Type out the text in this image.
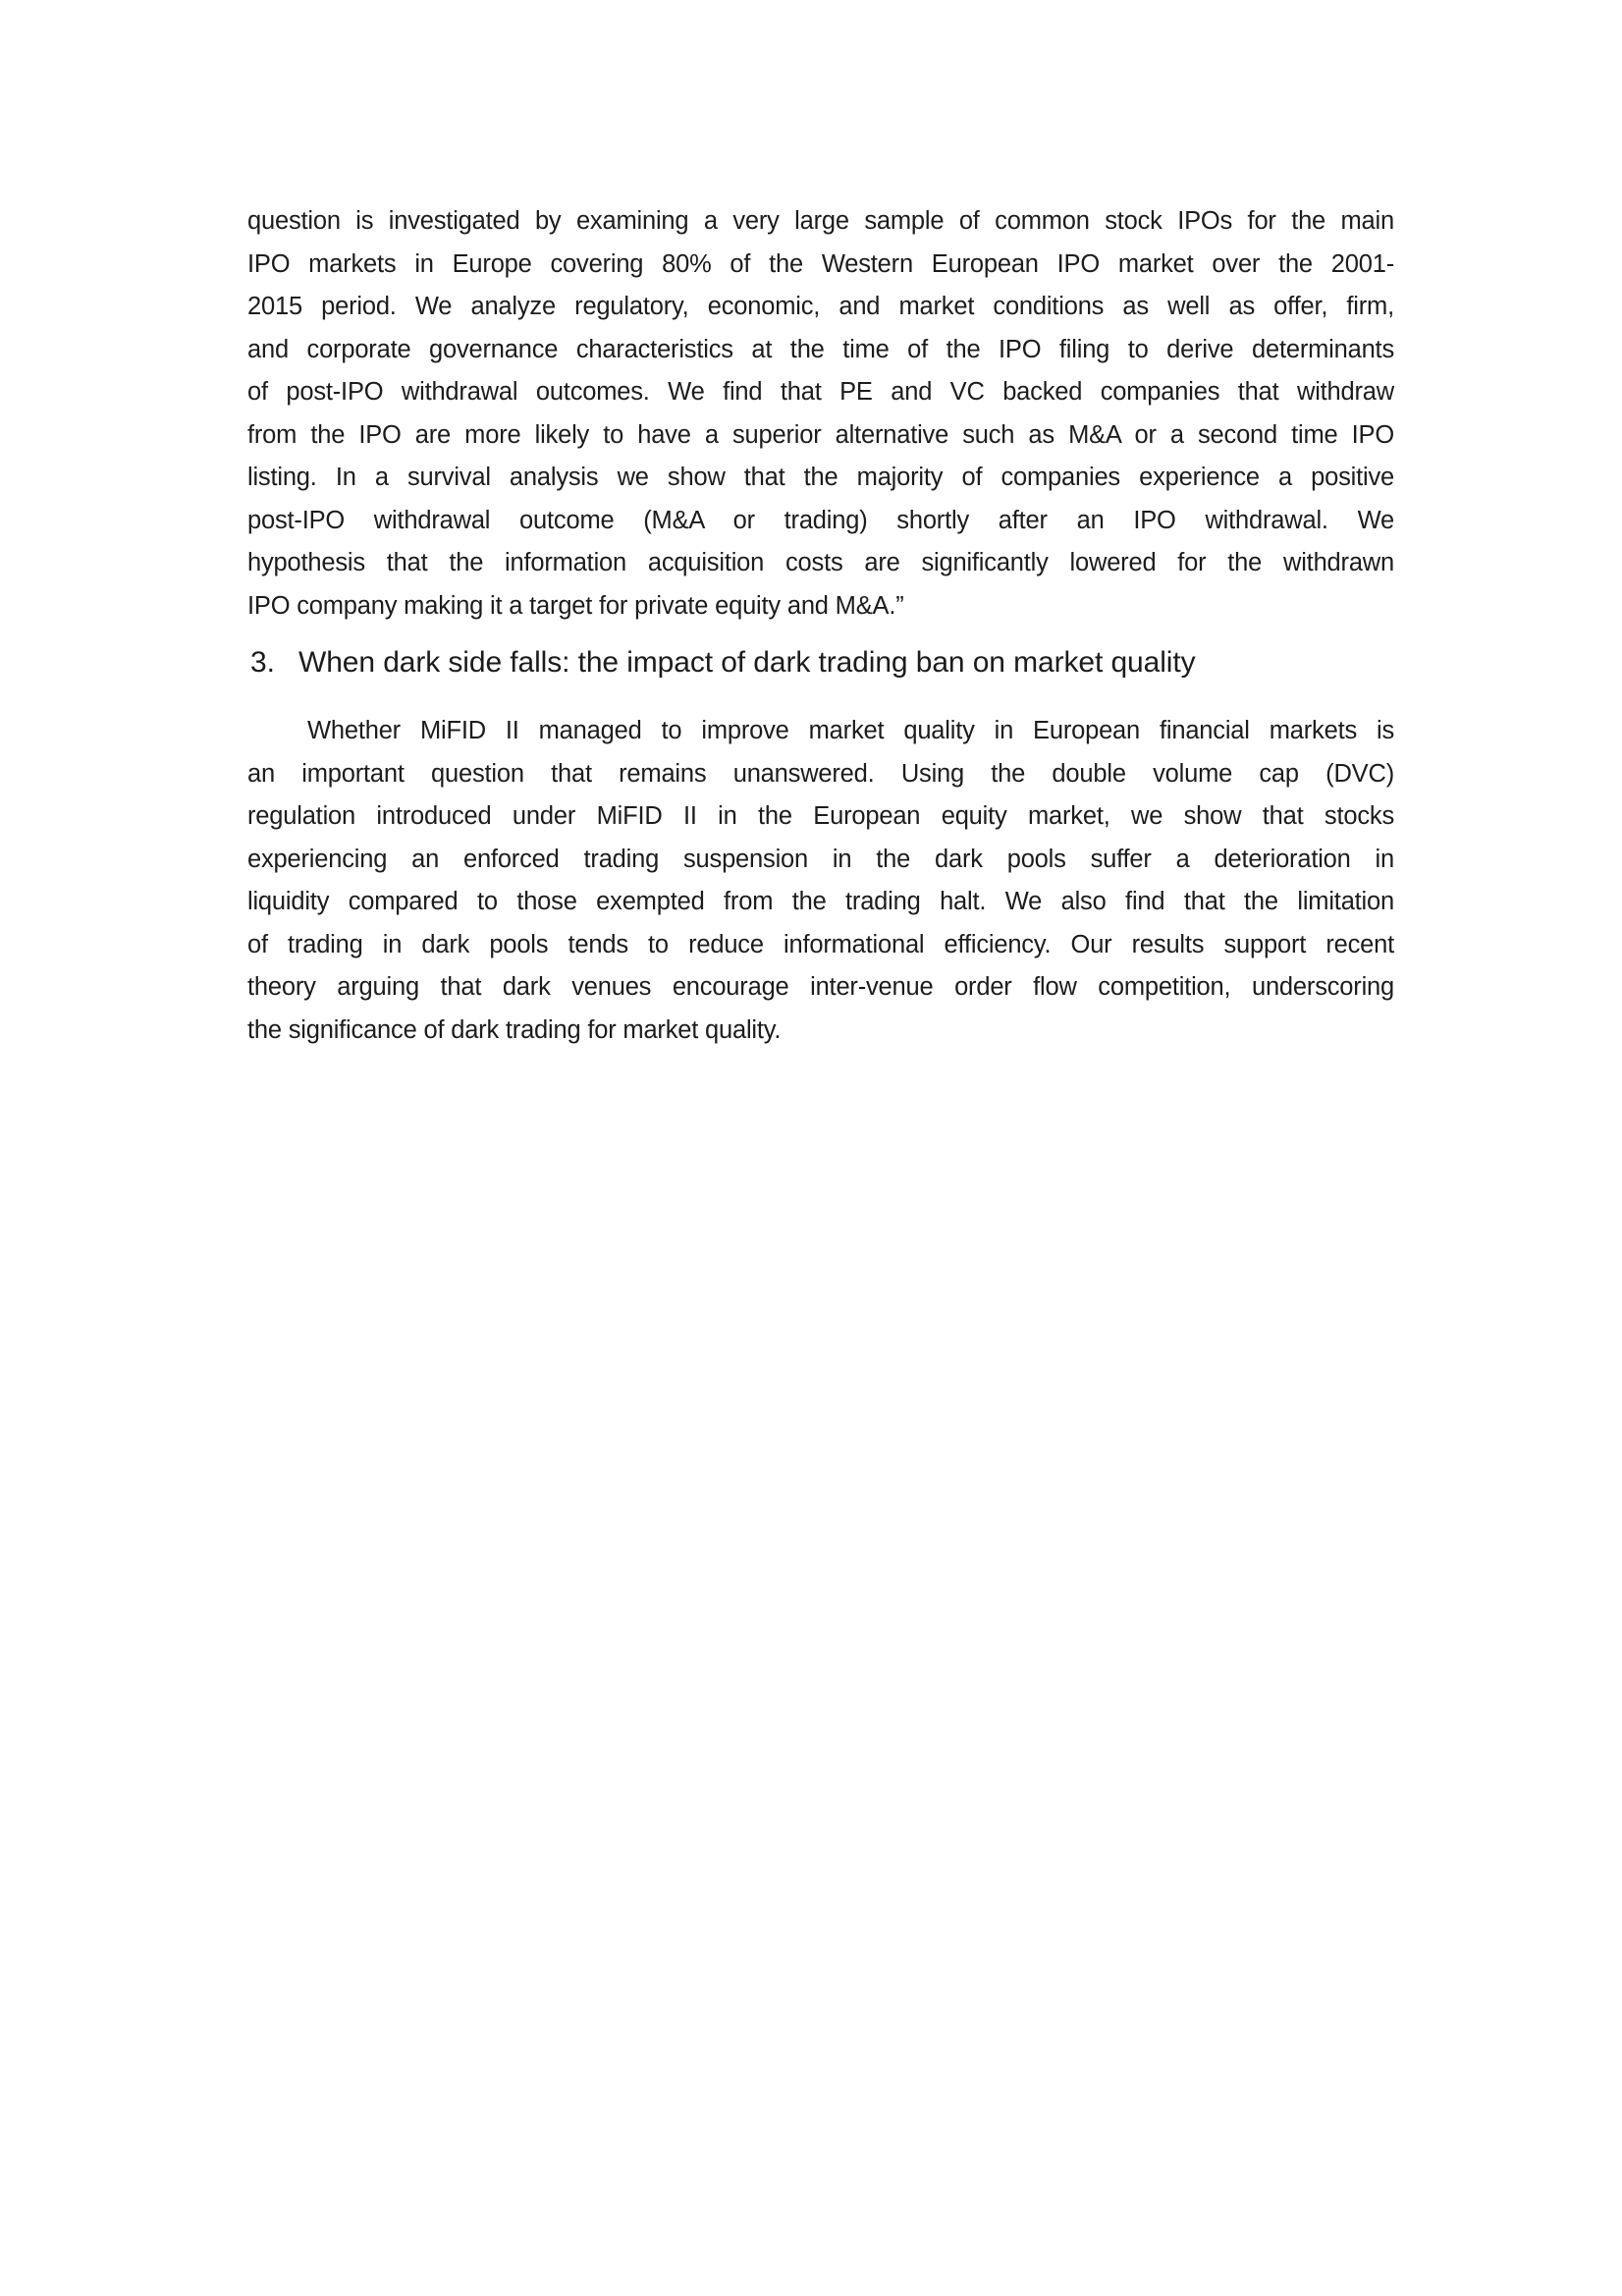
question is investigated by examining a very large sample of common stock IPOs for the main
IPO markets in Europe covering 80% of the Western European IPO market over the 2001-
2015 period. We analyze regulatory, economic, and market conditions as well as offer, firm,
and corporate governance characteristics at the time of the IPO filing to derive determinants
of post-IPO withdrawal outcomes. We find that PE and VC backed companies that withdraw
from the IPO are more likely to have a superior alternative such as M&A or a second time IPO
listing. In a survival analysis we show that the majority of companies experience a positive
post-IPO withdrawal outcome (M&A or trading) shortly after an IPO withdrawal. We
hypothesis that the information acquisition costs are significantly lowered for the withdrawn
IPO company making it a target for private equity and M&A.”
3. When dark side falls: the impact of dark trading ban on market quality
Whether MiFID II managed to improve market quality in European financial markets is
an important question that remains unanswered. Using the double volume cap (DVC)
regulation introduced under MiFID II in the European equity market, we show that stocks
experiencing an enforced trading suspension in the dark pools suffer a deterioration in
liquidity compared to those exempted from the trading halt. We also find that the limitation
of trading in dark pools tends to reduce informational efficiency. Our results support recent
theory arguing that dark venues encourage inter-venue order flow competition, underscoring
the significance of dark trading for market quality.
